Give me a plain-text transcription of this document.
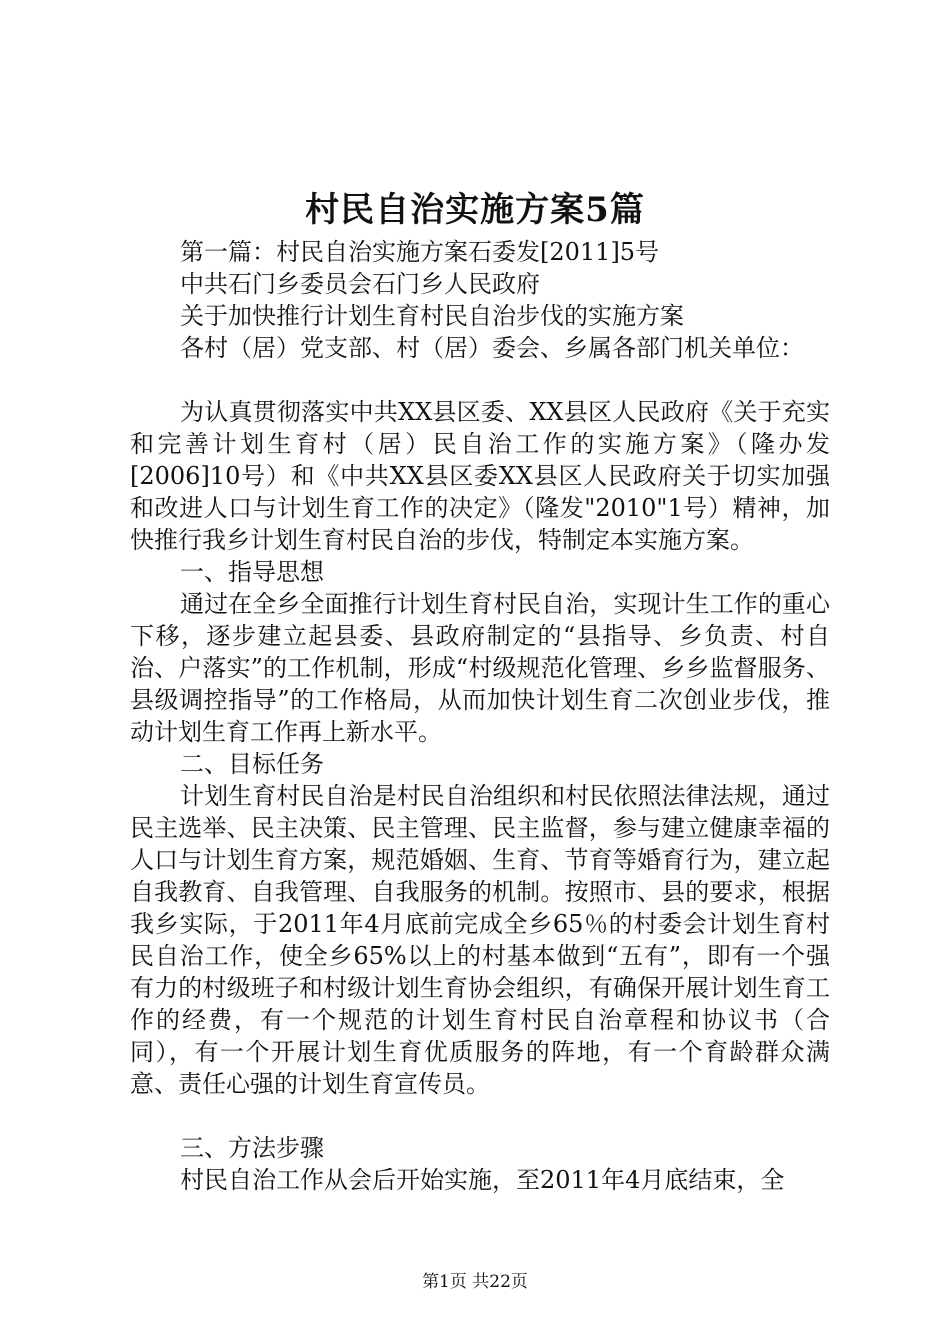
村民自治实施方案5篇

第一篇：村民自治实施方案石委发[2011]5号

中共石门乡委员会石门乡人民政府

关于加快推行计划生育村民自治步伐的实施方案

各村（居）党支部、村（居）委会、乡属各部门机关单位：

为认真贯彻落实中共XX县区委、XX县区人民政府《关于充实和完善计划生育村（居）民自治工作的实施方案》（隆办发[2006]10号）和《中共XX县区委XX县区人民政府关于切实加强和改进人口与计划生育工作的决定》（隆发"2010"1号）精神，加快推行我乡计划生育村民自治的步伐，特制定本实施方案。

一、指导思想

通过在全乡全面推行计划生育村民自治，实现计生工作的重心下移，逐步建立起县委、县政府制定的“县指导、乡负责、村自治、户落实”的工作机制，形成“村级规范化管理、乡乡监督服务、县级调控指导”的工作格局，从而加快计划生育二次创业步伐，推动计划生育工作再上新水平。

二、目标任务

计划生育村民自治是村民自治组织和村民依照法律法规，通过民主选举、民主决策、民主管理、民主监督，参与建立健康幸福的人口与计划生育方案，规范婚姻、生育、节育等婚育行为，建立起自我教育、自我管理、自我服务的机制。按照市、县的要求，根据我乡实际，于2011年4月底前完成全乡65％的村委会计划生育村民自治工作，使全乡65%以上的村基本做到“五有”，即有一个强有力的村级班子和村级计划生育协会组织，有确保开展计划生育工作的经费，有一个规范的计划生育村民自治章程和协议书（合同），有一个开展计划生育优质服务的阵地，有一个育龄群众满意、责任心强的计划生育宣传员。

三、方法步骤

村民自治工作从会后开始实施，至2011年4月底结束，全

第1页 共22页
